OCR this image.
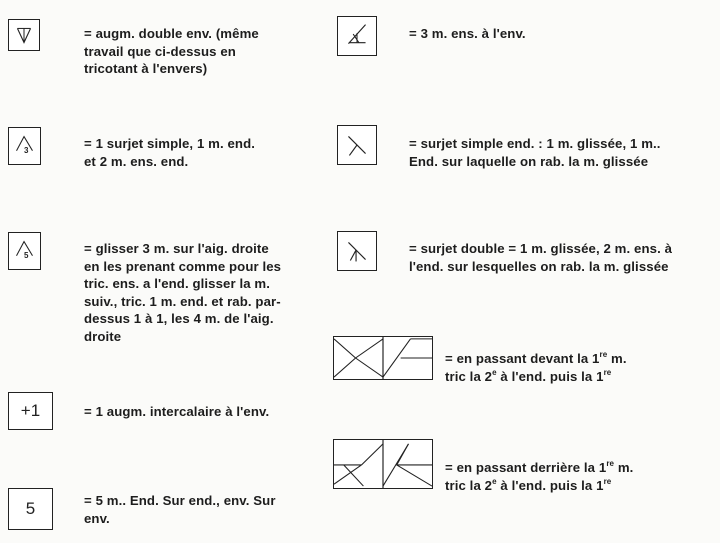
= augm. double env. (même
travail que ci-dessus en
tricotant à l'envers)
3	= 1 surjet simple, 1 m. end.
et 2 m. ens. end.
5	= glisser 3 m. sur l'aig. droite
en les prenant comme pour les
tric. ens. a l'end. glisser la m.
suiv., tric. 1 m. end. et rab. par-
dessus 1 à 1, les 4 m. de l'aig.
droite
+1	= 1 augm. intercalaire à l'env.
5	= 5 m.. End. Sur end., env. Sur
env.
= 3 m. ens. à l'env.
= surjet simple end. : 1 m. glissée, 1 m..
End. sur laquelle on rab. la m. glissée
= surjet double = 1 m. glissée, 2 m. ens. à
l'end. sur lesquelles on rab. la m. glissée
= en passant devant la 1re m.
tric la 2e à l'end. puis la 1re
= en passant derrière la 1re m.
tric la 2e à l'end. puis la 1re
